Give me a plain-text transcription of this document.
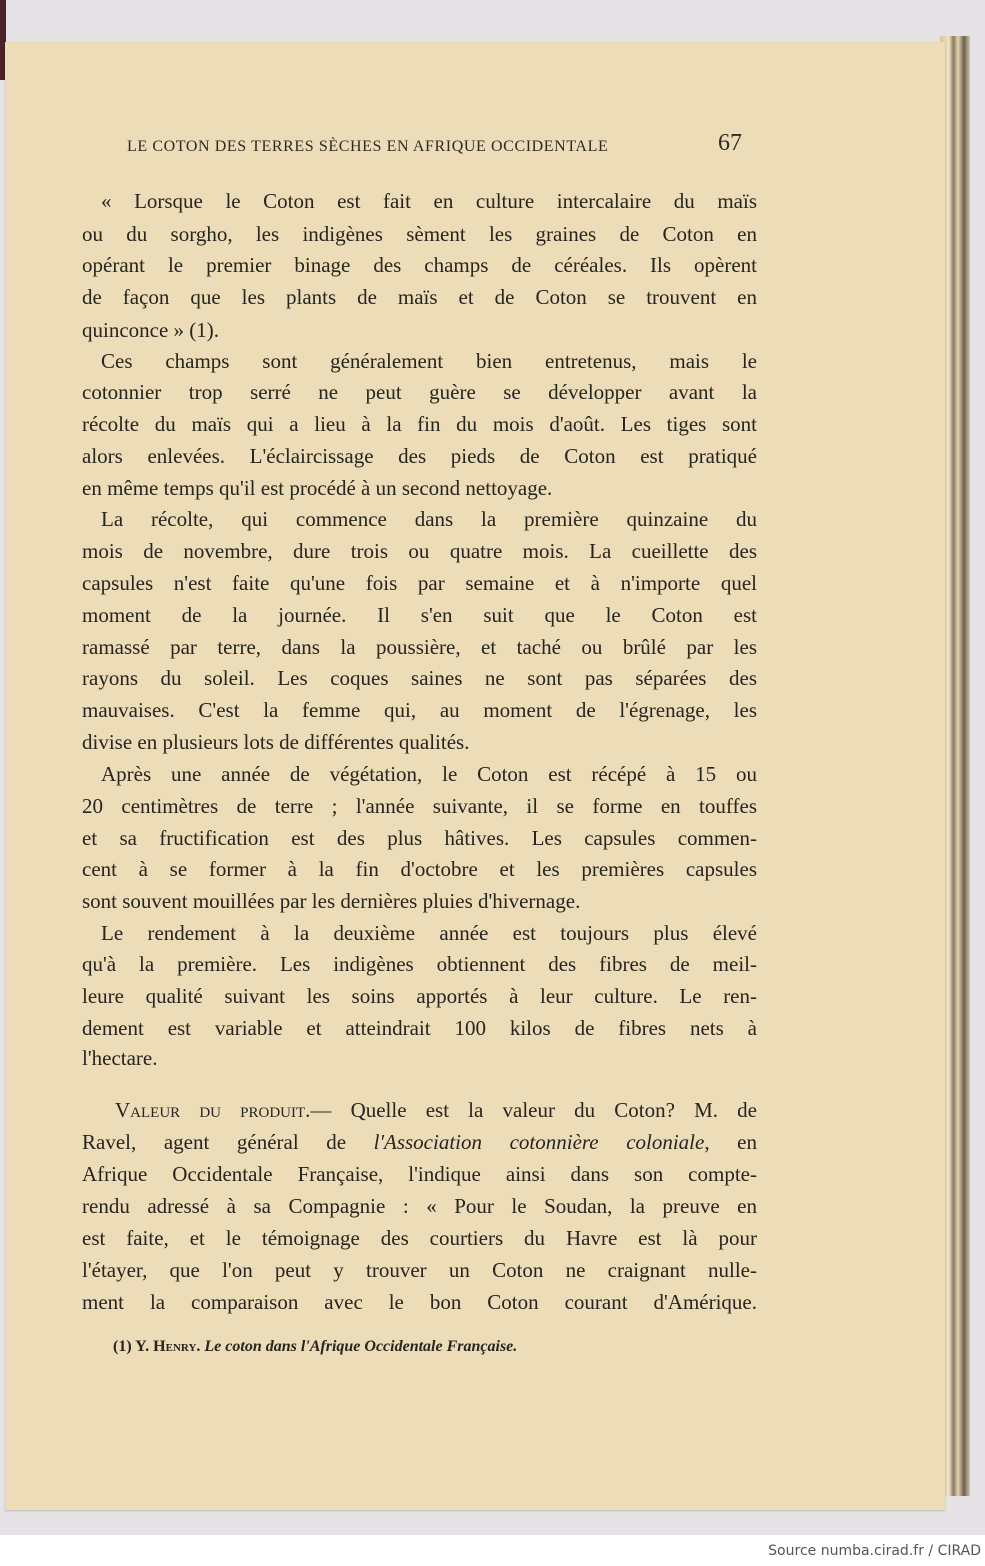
LE COTON DES TERRES SÈCHES EN AFRIQUE OCCIDENTALE	67
« Lorsque le Coton est fait en culture intercalaire du maïs
ou du sorgho, les indigènes sèment les graines de Coton en
opérant le premier binage des champs de céréales. Ils opèrent
de façon que les plants de maïs et de Coton se trouvent en
quinconce » (1).
Ces champs sont généralement bien entretenus, mais le
cotonnier trop serré ne peut guère se développer avant la
récolte du maïs qui a lieu à la fin du mois d'août. Les tiges sont
alors enlevées. L'éclaircissage des pieds de Coton est pratiqué
en même temps qu'il est procédé à un second nettoyage.
La récolte, qui commence dans la première quinzaine du
mois de novembre, dure trois ou quatre mois. La cueillette des
capsules n'est faite qu'une fois par semaine et à n'importe quel
moment de la journée. Il s'en suit que le Coton est
ramassé par terre, dans la poussière, et taché ou brûlé par les
rayons du soleil. Les coques saines ne sont pas séparées des
mauvaises. C'est la femme qui, au moment de l'égrenage, les
divise en plusieurs lots de différentes qualités.
Après une année de végétation, le Coton est récépé à 15 ou
20 centimètres de terre ; l'année suivante, il se forme en touffes
et sa fructification est des plus hâtives. Les capsules commen-
cent à se former à la fin d'octobre et les premières capsules
sont souvent mouillées par les dernières pluies d'hivernage.
Le rendement à la deuxième année est toujours plus élevé
qu'à la première. Les indigènes obtiennent des fibres de meil-
leure qualité suivant les soins apportés à leur culture. Le ren-
dement est variable et atteindrait 100 kilos de fibres nets à
l'hectare.
Valeur du produit.— Quelle est la valeur du Coton? M. de
Ravel, agent général de l'Association cotonnière coloniale, en
Afrique Occidentale Française, l'indique ainsi dans son compte-
rendu adressé à sa Compagnie : « Pour le Soudan, la preuve en
est faite, et le témoignage des courtiers du Havre est là pour
l'étayer, que l'on peut y trouver un Coton ne craignant nulle-
ment la comparaison avec le bon Coton courant d'Amérique.
(1) Y. Henry. Le coton dans l'Afrique Occidentale Française.
Source numba.cirad.fr / CIRAD
